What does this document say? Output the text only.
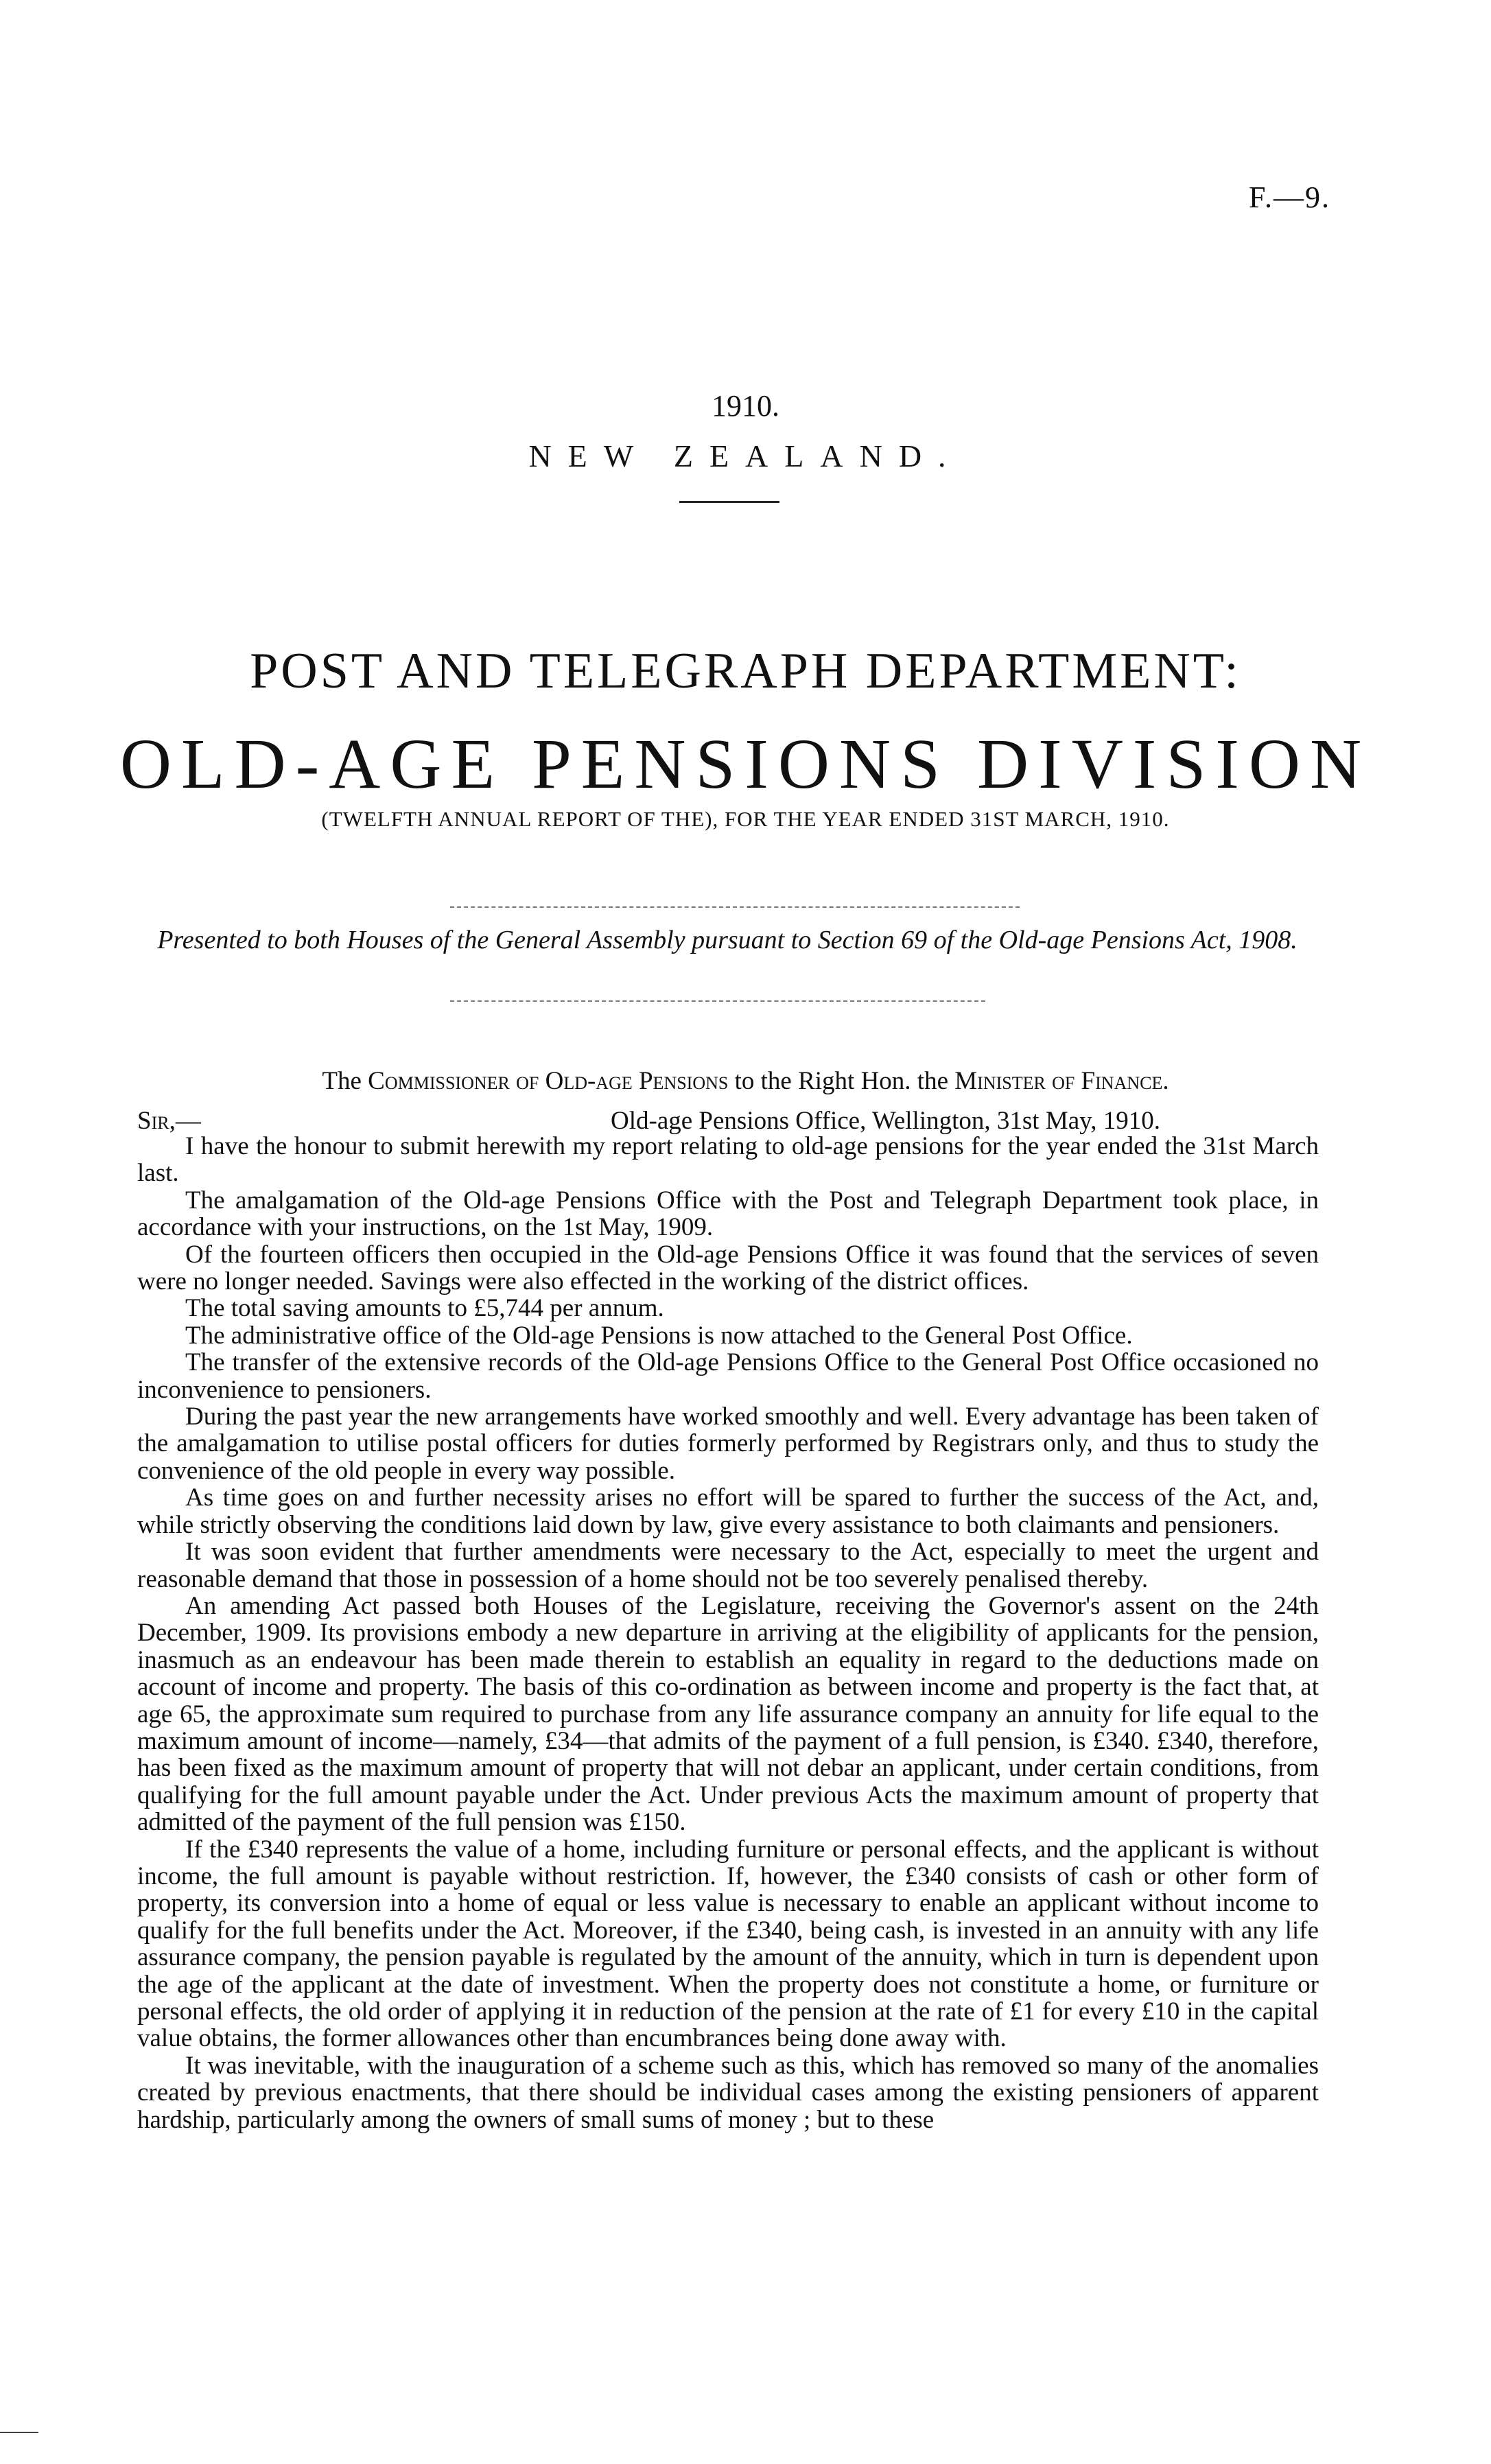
F.—9.
1910.
NEW ZEALAND.
POST AND TELEGRAPH DEPARTMENT:
OLD-AGE PENSIONS DIVISION
(TWELFTH ANNUAL REPORT OF THE), FOR THE YEAR ENDED 31ST MARCH, 1910.
Presented to both Houses of the General Assembly pursuant to Section 69 of the Old-age Pensions Act, 1908.
The Commissioner of Old-age Pensions to the Right Hon. the Minister of Finance.
Sir,—	Old-age Pensions Office, Wellington, 31st May, 1910.

I have the honour to submit herewith my report relating to old-age pensions for the year ended the 31st March last.

The amalgamation of the Old-age Pensions Office with the Post and Telegraph Department took place, in accordance with your instructions, on the 1st May, 1909.

Of the fourteen officers then occupied in the Old-age Pensions Office it was found that the services of seven were no longer needed. Savings were also effected in the working of the district offices.

The total saving amounts to £5,744 per annum.

The administrative office of the Old-age Pensions is now attached to the General Post Office.

The transfer of the extensive records of the Old-age Pensions Office to the General Post Office occasioned no inconvenience to pensioners.

During the past year the new arrangements have worked smoothly and well. Every advantage has been taken of the amalgamation to utilise postal officers for duties formerly performed by Registrars only, and thus to study the convenience of the old people in every way possible.

As time goes on and further necessity arises no effort will be spared to further the success of the Act, and, while strictly observing the conditions laid down by law, give every assistance to both claimants and pensioners.

It was soon evident that further amendments were necessary to the Act, especially to meet the urgent and reasonable demand that those in possession of a home should not be too severely penalised thereby.

An amending Act passed both Houses of the Legislature, receiving the Governor's assent on the 24th December, 1909. Its provisions embody a new departure in arriving at the eligibility of applicants for the pension, inasmuch as an endeavour has been made therein to establish an equality in regard to the deductions made on account of income and property. The basis of this co-ordination as between income and property is the fact that, at age 65, the approximate sum required to purchase from any life assurance company an annuity for life equal to the maximum amount of income—namely, £34—that admits of the payment of a full pension, is £340. £340, therefore, has been fixed as the maximum amount of property that will not debar an applicant, under certain conditions, from qualifying for the full amount payable under the Act. Under previous Acts the maximum amount of property that admitted of the payment of the full pension was £150.

If the £340 represents the value of a home, including furniture or personal effects, and the applicant is without income, the full amount is payable without restriction. If, however, the £340 consists of cash or other form of property, its conversion into a home of equal or less value is necessary to enable an applicant without income to qualify for the full benefits under the Act. Moreover, if the £340, being cash, is invested in an annuity with any life assurance company, the pension payable is regulated by the amount of the annuity, which in turn is dependent upon the age of the applicant at the date of investment. When the property does not constitute a home, or furniture or personal effects, the old order of applying it in reduction of the pension at the rate of £1 for every £10 in the capital value obtains, the former allowances other than encumbrances being done away with.

It was inevitable, with the inauguration of a scheme such as this, which has removed so many of the anomalies created by previous enactments, that there should be individual cases among the existing pensioners of apparent hardship, particularly among the owners of small sums of money ; but to these
